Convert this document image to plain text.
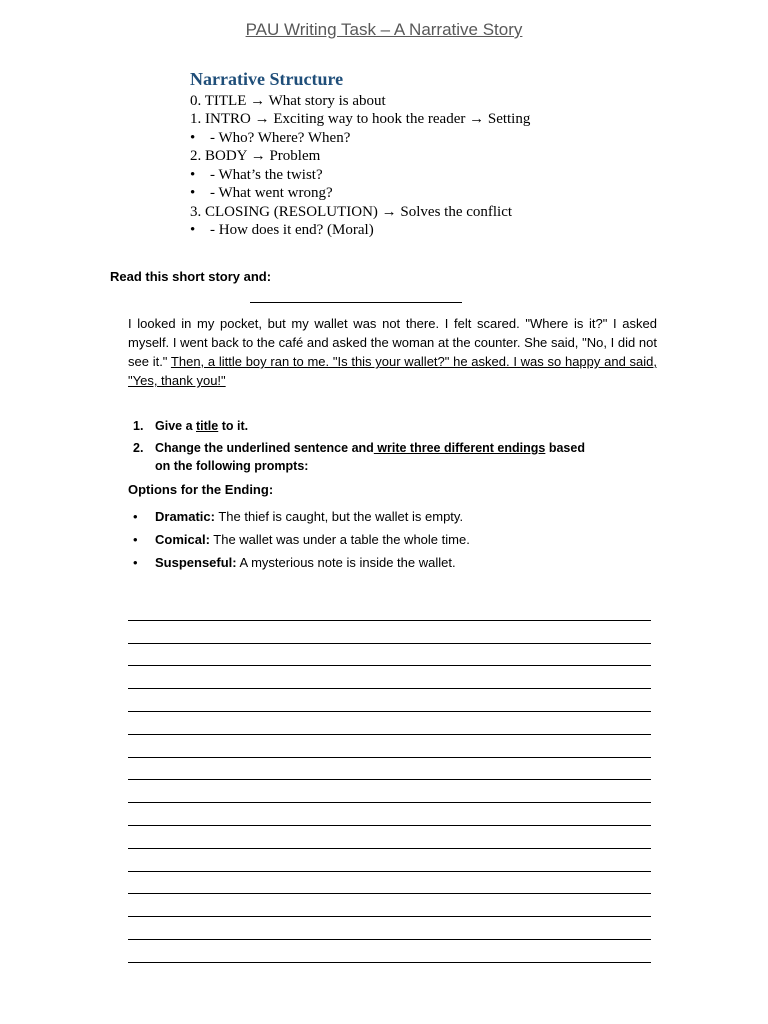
PAU Writing Task – A Narrative Story
Narrative Structure
0. TITLE → What story is about
1. INTRO → Exciting way to hook the reader → Setting
• - Who? Where? When?
2. BODY → Problem
• - What’s the twist?
• - What went wrong?
3. CLOSING (RESOLUTION) → Solves the conflict
• - How does it end? (Moral)
Read this short story and:
I looked in my pocket, but my wallet was not there. I felt scared. "Where is it?" I asked myself. I went back to the café and asked the woman at the counter. She said, "No, I did not see it." Then, a little boy ran to me. "Is this your wallet?" he asked. I was so happy and said, "Yes, thank you!"
1. Give a title to it.
2. Change the underlined sentence and write three different endings based
on the following prompts:
Options for the Ending:
• Dramatic: The thief is caught, but the wallet is empty.
• Comical: The wallet was under a table the whole time.
• Suspenseful: A mysterious note is inside the wallet.
